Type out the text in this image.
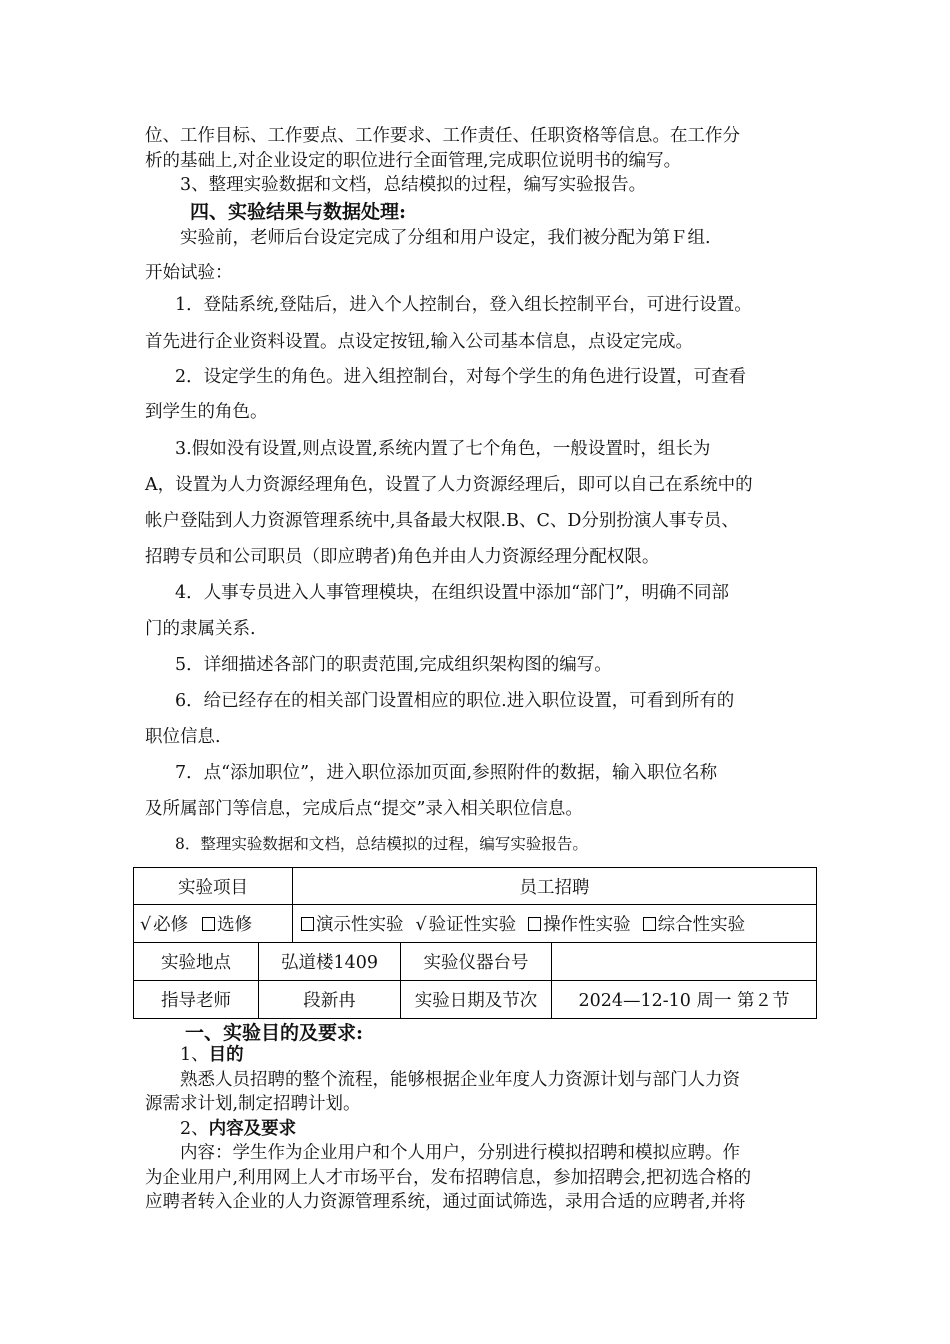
位、工作目标、工作要点、工作要求、工作责任、任职资格等信息。在工作分
析的基础上,对企业设定的职位进行全面管理,完成职位说明书的编写。
3、整理实验数据和文档，总结模拟的过程，编写实验报告。
四、实验结果与数据处理:
实验前，老师后台设定完成了分组和用户设定，我们被分配为第Ｆ组.
开始试验：
1．登陆系统,登陆后，进入个人控制台，登入组长控制平台，可进行设置。
首先进行企业资料设置。点设定按钮,输入公司基本信息，点设定完成。
2．设定学生的角色。进入组控制台，对每个学生的角色进行设置，可查看
到学生的角色。
3.假如没有设置,则点设置,系统内置了七个角色，一般设置时，组长为
A，设置为人力资源经理角色，设置了人力资源经理后，即可以自己在系统中的
帐户登陆到人力资源管理系统中,具备最大权限.B、C、D分别扮演人事专员、
招聘专员和公司职员（即应聘者)角色并由人力资源经理分配权限。
4．人事专员进入人事管理模块，在组织设置中添加“部门”，明确不同部
门的隶属关系.
5．详细描述各部门的职责范围,完成组织架构图的编写。
6．给已经存在的相关部门设置相应的职位.进入职位设置，可看到所有的
职位信息.
7．点“添加职位”，进入职位添加页面,参照附件的数据，输入职位名称
及所属部门等信息，完成后点“提交”录入相关职位信息。
8．整理实验数据和文档，总结模拟的过程，编写实验报告。
实验项目		员工招聘		
√ 必修 选修		演示性实验 √ 验证性实验 操作性实验 综合性实验		
实验地点	弘道楼1409		实验仪器台号	
指导老师	段新冉		实验日期及节次	2024—12-10 周一 第２节
一、实验目的及要求:
1、目的
熟悉人员招聘的整个流程，能够根据企业年度人力资源计划与部门人力资
源需求计划,制定招聘计划。
2、内容及要求
内容：学生作为企业用户和个人用户，分别进行模拟招聘和模拟应聘。作
为企业用户,利用网上人才市场平台，发布招聘信息，参加招聘会,把初选合格的
应聘者转入企业的人力资源管理系统，通过面试筛选，录用合适的应聘者,并将
